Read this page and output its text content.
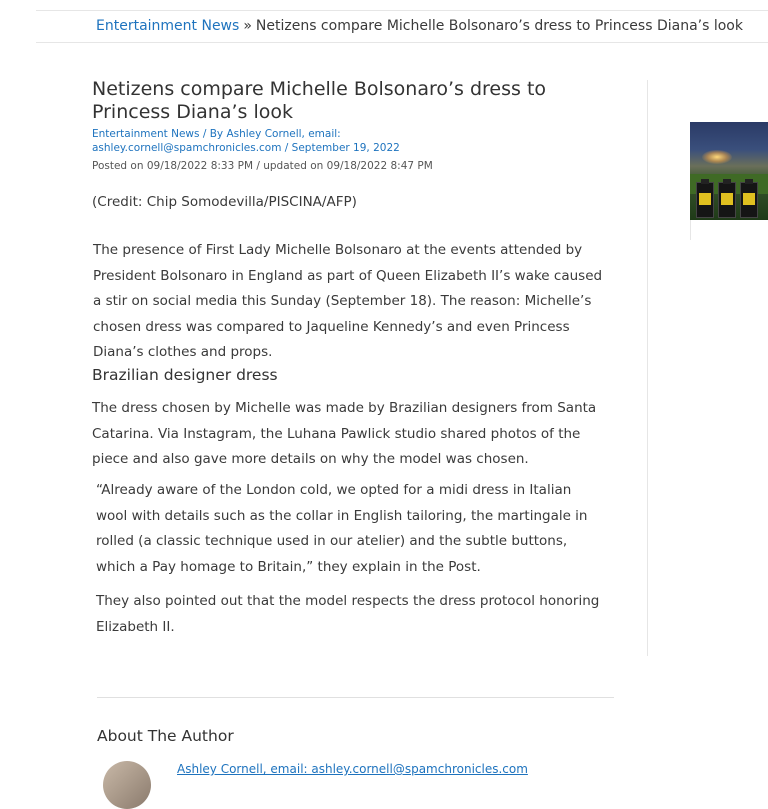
Entertainment News » Netizens compare Michelle Bolsonaro’s dress to Princess Diana’s look
Netizens compare Michelle Bolsonaro’s dress to Princess Diana’s look
Entertainment News / By Ashley Cornell, email:
ashley.cornell@spamchronicles.com / September 19, 2022
Posted on 09/18/2022 8:33 PM / updated on 09/18/2022 8:47 PM
(Credit: Chip Somodevilla/PISCINA/AFP)

The presence of First Lady Michelle Bolsonaro at the events attended by President Bolsonaro in England as part of Queen Elizabeth II’s wake caused a stir on social media this Sunday (September 18). The reason: Michelle’s chosen dress was compared to Jaqueline Kennedy’s and even Princess Diana’s clothes and props.

Brazilian designer dress

The dress chosen by Michelle was made by Brazilian designers from Santa Catarina. Via Instagram, the Luhana Pawlick studio shared photos of the piece and also gave more details on why the model was chosen.

“Already aware of the London cold, we opted for a midi dress in Italian wool with details such as the collar in English tailoring, the martingale in rolled (a classic technique used in our atelier) and the subtle buttons, which a Pay homage to Britain,” they explain in the Post.

They also pointed out that the model respects the dress protocol honoring Elizabeth II.

About The Author
Ashley Cornell, email: ashley.cornell@spamchronicles.com
